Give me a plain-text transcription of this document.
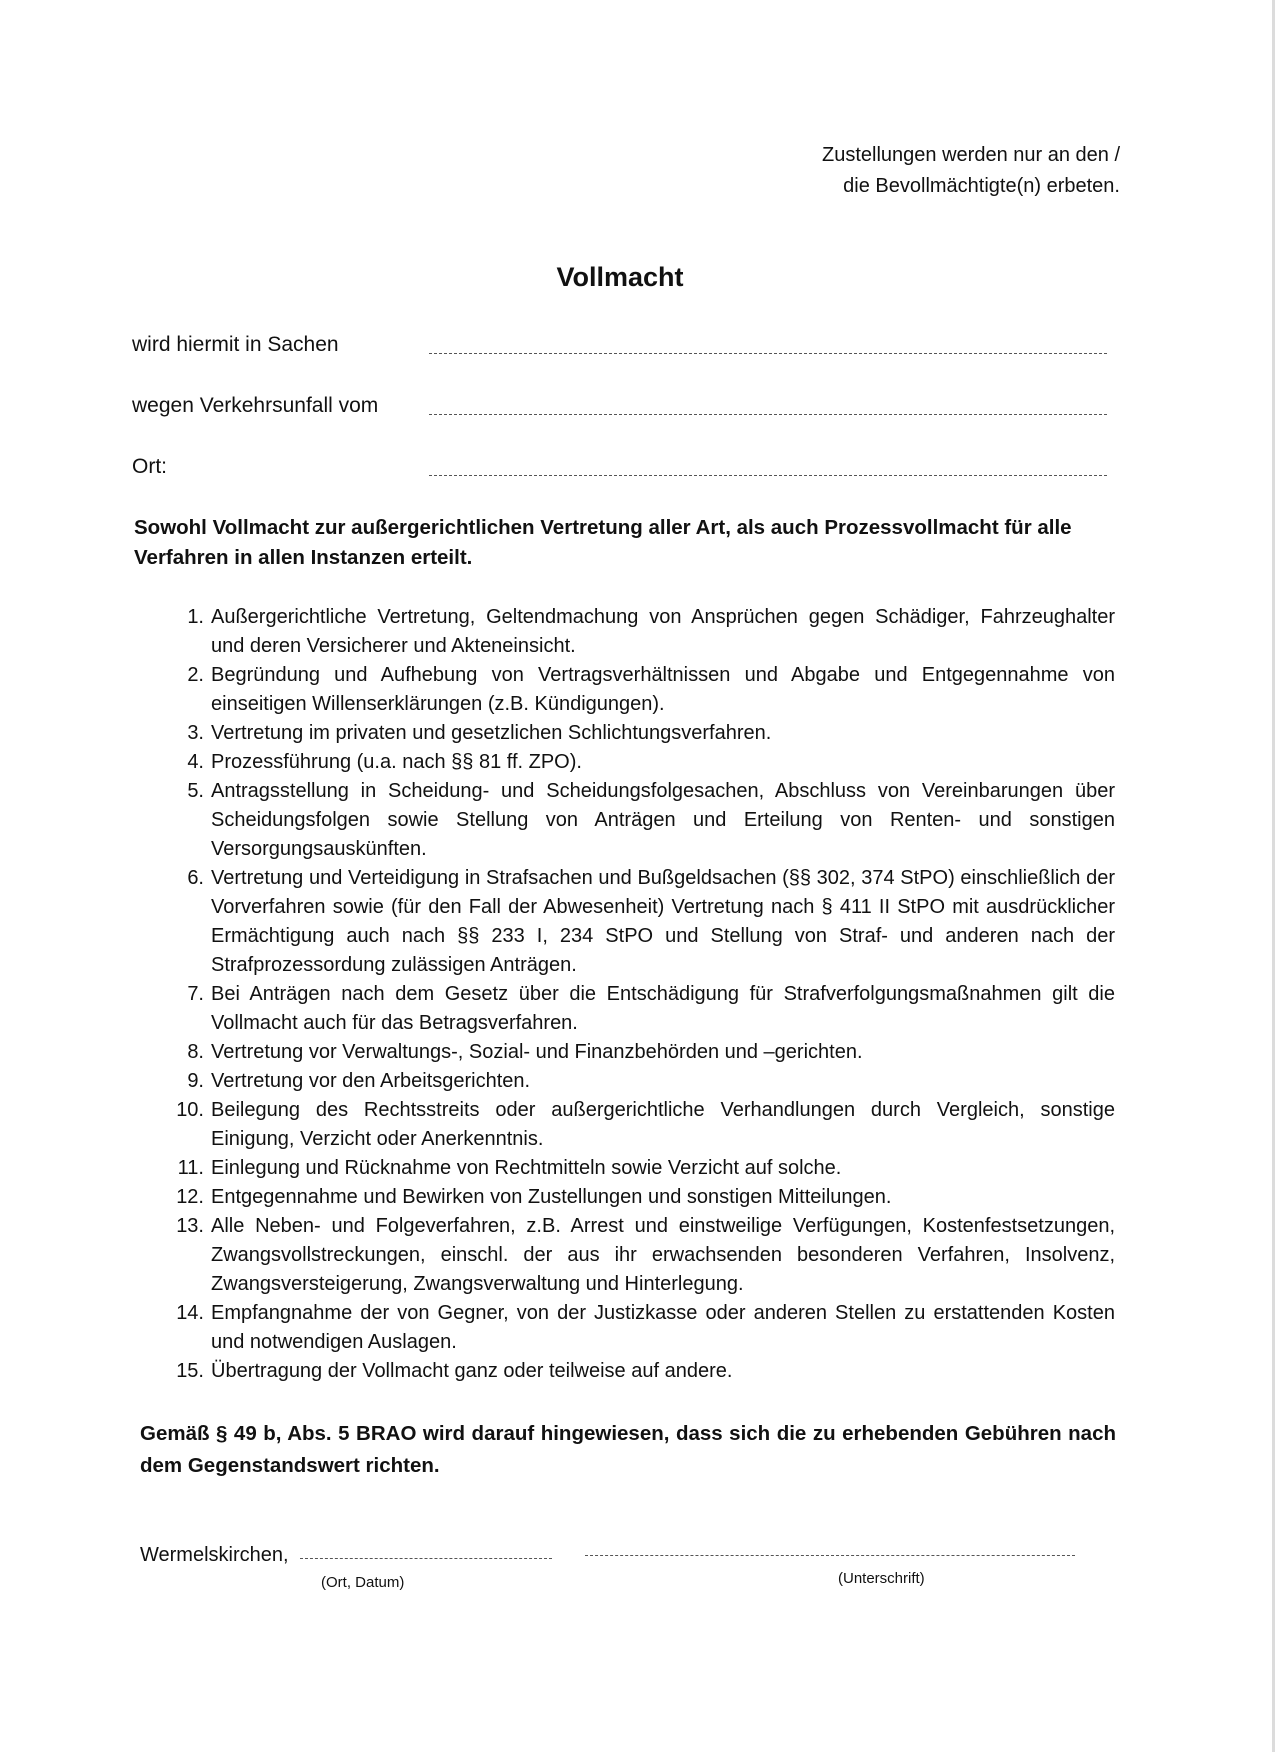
Zustellungen werden nur an den /
die Bevollmächtigte(n) erbeten.
Vollmacht
wird hiermit in Sachen
wegen Verkehrsunfall vom
Ort:
Sowohl Vollmacht zur außergerichtlichen Vertretung aller Art, als auch Prozessvollmacht für alle Verfahren in allen Instanzen erteilt.
1. Außergerichtliche Vertretung, Geltendmachung von Ansprüchen gegen Schädiger, Fahrzeughalter und deren Versicherer und Akteneinsicht.
2. Begründung und Aufhebung von Vertragsverhältnissen und Abgabe und Entgegennahme von einseitigen Willenserklärungen (z.B. Kündigungen).
3. Vertretung im privaten und gesetzlichen Schlichtungsverfahren.
4. Prozessführung (u.a. nach §§ 81 ff. ZPO).
5. Antragsstellung in Scheidung- und Scheidungsfolgesachen, Abschluss von Vereinbarungen über Scheidungsfolgen sowie Stellung von Anträgen und Erteilung von Renten- und sonstigen Versorgungsauskünften.
6. Vertretung und Verteidigung in Strafsachen und Bußgeldsachen (§§ 302, 374 StPO) einschließlich der Vorverfahren sowie (für den Fall der Abwesenheit) Vertretung nach § 411 II StPO mit ausdrücklicher Ermächtigung auch nach §§ 233 I, 234 StPO und Stellung von Straf- und anderen nach der Strafprozessordung zulässigen Anträgen.
7. Bei Anträgen nach dem Gesetz über die Entschädigung für Strafverfolgungsmaßnahmen gilt die Vollmacht auch für das Betragsverfahren.
8. Vertretung vor Verwaltungs-, Sozial- und Finanzbehörden und –gerichten.
9. Vertretung vor den Arbeitsgerichten.
10. Beilegung des Rechtsstreits oder außergerichtliche Verhandlungen durch Vergleich, sonstige Einigung, Verzicht oder Anerkenntnis.
11. Einlegung und Rücknahme von Rechtmitteln sowie Verzicht auf solche.
12. Entgegennahme und Bewirken von Zustellungen und sonstigen Mitteilungen.
13. Alle Neben- und Folgeverfahren, z.B. Arrest und einstweilige Verfügungen, Kostenfestsetzungen, Zwangsvollstreckungen, einschl. der aus ihr erwachsenden besonderen Verfahren, Insolvenz, Zwangsversteigerung, Zwangsverwaltung und Hinterlegung.
14. Empfangnahme der von Gegner, von der Justizkasse oder anderen Stellen zu erstattenden Kosten und notwendigen Auslagen.
15. Übertragung der Vollmacht ganz oder teilweise auf andere.
Gemäß § 49 b, Abs. 5 BRAO wird darauf hingewiesen, dass sich die zu erhebenden Gebühren nach dem Gegenstandswert richten.
Wermelskirchen,
(Ort, Datum)	(Unterschrift)
